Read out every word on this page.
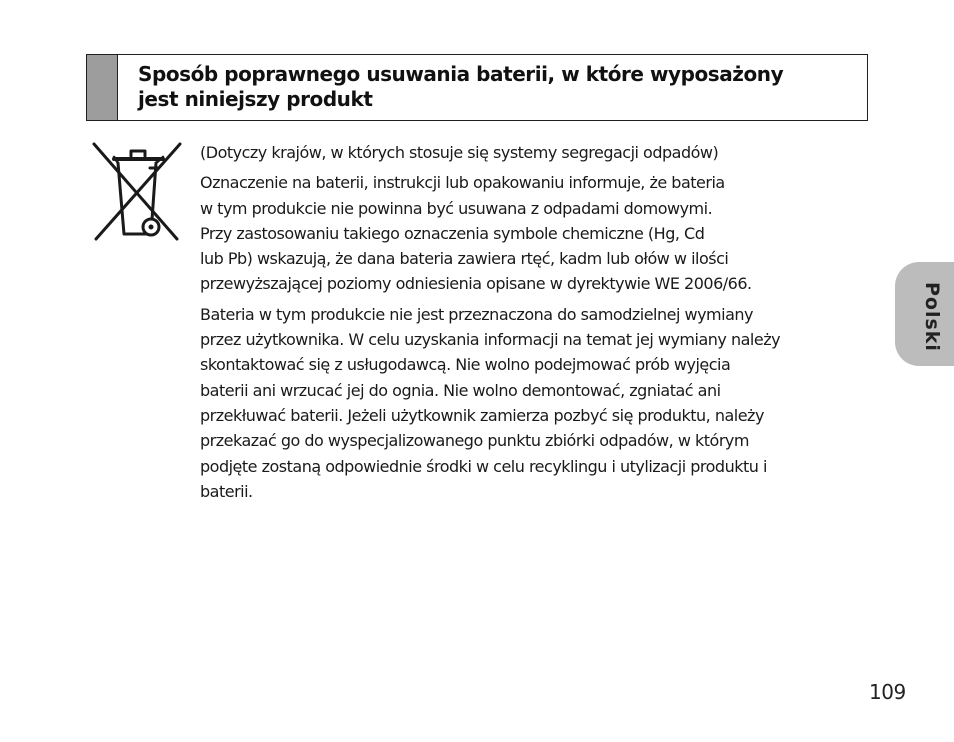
Sposób poprawnego usuwania baterii, w które wyposażony
jest niniejszy produkt
(Dotyczy krajów, w których stosuje się systemy segregacji odpadów)
Oznaczenie na baterii, instrukcji lub opakowaniu informuje, że bateria
w tym produkcie nie powinna być usuwana z odpadami domowymi.
Przy zastosowaniu takiego oznaczenia symbole chemiczne (Hg, Cd
lub Pb) wskazują, że dana bateria zawiera rtęć, kadm lub ołów w ilości
przewyższającej poziomy odniesienia opisane w dyrektywie WE 2006/66.
Bateria w tym produkcie nie jest przeznaczona do samodzielnej wymiany
przez użytkownika. W celu uzyskania informacji na temat jej wymiany należy
skontaktować się z usługodawcą. Nie wolno podejmować prób wyjęcia
baterii ani wrzucać jej do ognia. Nie wolno demontować, zgniatać ani
przekłuwać baterii. Jeżeli użytkownik zamierza pozbyć się produktu, należy
przekazać go do wyspecjalizowanego punktu zbiórki odpadów, w którym
podjęte zostaną odpowiednie środki w celu recyklingu i utylizacji produktu i
baterii.
Polski
109
